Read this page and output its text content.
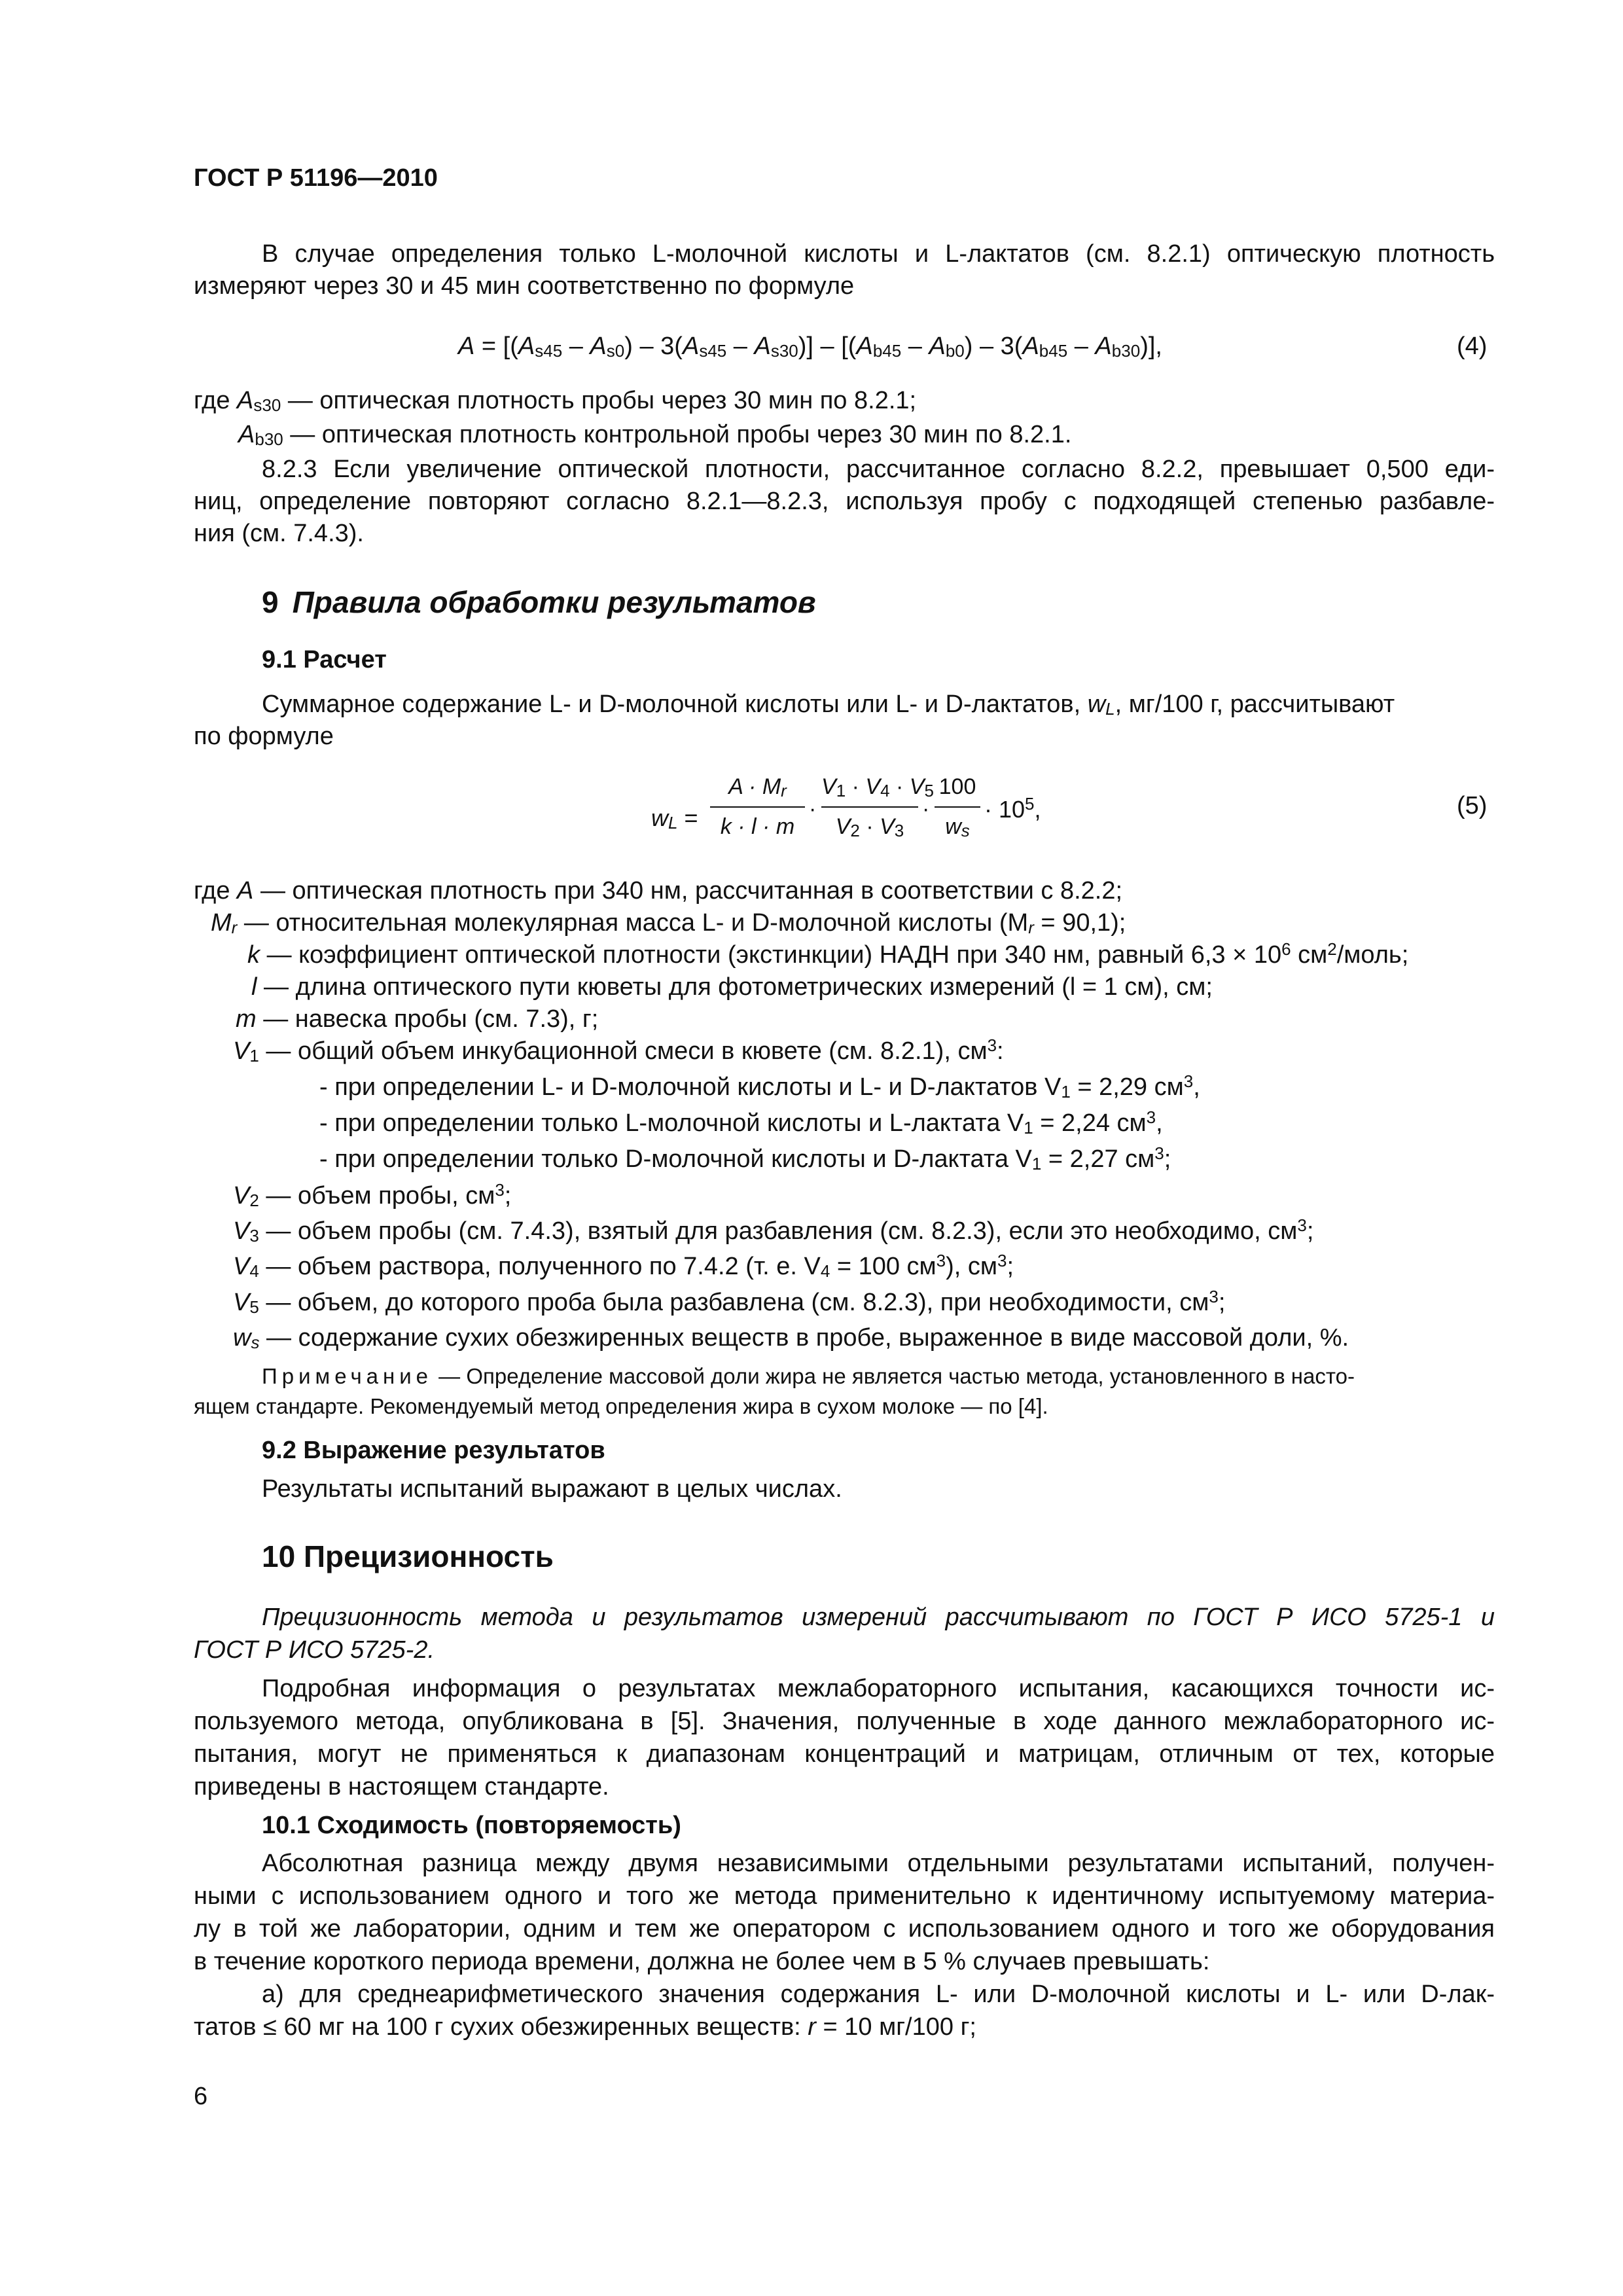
ГОСТ Р 51196—2010
В случае определения только L-молочной кислоты и L-лактатов (см. 8.2.1) оптическую плотность
измеряют через 30 и 45 мин соответственно по формуле
$A = [(A_{s45} - A_{s0}) - 3(A_{s45} - A_{s30})] - [(A_{b45} - A_{b0}) - 3(A_{b45} - A_{b30})]$,	(4)
где $A_{s30}$ — оптическая плотность пробы через 30 мин по 8.2.1;
$A_{b30}$ — оптическая плотность контрольной пробы через 30 мин по 8.2.1.
8.2.3 Если увеличение оптической плотности, рассчитанное согласно 8.2.2, превышает 0,500 еди-
ниц, определение повторяют согласно 8.2.1—8.2.3, используя пробу с подходящей степенью разбавле-
ния (см. 7.4.3).
9 Правила обработки результатов
9.1 Расчет
Суммарное содержание L- и D-молочной кислоты или L- и D-лактатов, $w_L$, мг/100 г, рассчитывают
по формуле
$w_L$ =
$A \cdot M_r$
k · l · m
·
$V_1 \cdot V_4 \cdot V_5$
$V_2 \cdot V_3$
·
100
$w_s$
· $10^5$,	(5)
где A — оптическая плотность при 340 нм, рассчитанная в соответствии с 8.2.2;
$M_r$ — относительная молекулярная масса L- и D-молочной кислоты $(M_r = 90,1)$;
k — коэффициент оптической плотности (экстинкции) НАДН при 340 нм, равный $6,3 \times 10^6$ $см^2$/моль;
l — длина оптического пути кюветы для фотометрических измерений (l = 1 см), см;
m — навеска пробы (см. 7.3), г;
$V_1$ — общий объем инкубационной смеси в кювете (см. 8.2.1), $см^3$:
- при определении L- и D-молочной кислоты и L- и D-лактатов $V_1 = 2,29$ $см^3$,
- при определении только L-молочной кислоты и L-лактата $V_1 = 2,24$ $см^3$,
- при определении только D-молочной кислоты и D-лактата $V_1 = 2,27$ $см^3$;
$V_2$ — объем пробы, $см^3$;
$V_3$ — объем пробы (см. 7.4.3), взятый для разбавления (см. 8.2.3), если это необходимо, $см^3$;
$V_4$ — объем раствора, полученного по 7.4.2 (т. е. $V_4 = 100$ $см^3$), $см^3$;
$V_5$ — объем, до которого проба была разбавлена (см. 8.2.3), при необходимости, $см^3$;
$w_s$ — содержание сухих обезжиренных веществ в пробе, выраженное в виде массовой доли, %.
Примечание — Определение массовой доли жира не является частью метода, установленного в насто-
ящем стандарте. Рекомендуемый метод определения жира в сухом молоке — по [4].
9.2 Выражение результатов
Результаты испытаний выражают в целых числах.
10 Прецизионность
Прецизионность метода и результатов измерений рассчитывают по ГОСТ Р ИСО 5725-1 и
ГОСТ Р ИСО 5725-2.
Подробная информация о результатах межлабораторного испытания, касающихся точности ис-
пользуемого метода, опубликована в [5]. Значения, полученные в ходе данного межлабораторного ис-
пытания, могут не применяться к диапазонам концентраций и матрицам, отличным от тех, которые
приведены в настоящем стандарте.
10.1 Сходимость (повторяемость)
Абсолютная разница между двумя независимыми отдельными результатами испытаний, получен-
ными с использованием одного и того же метода применительно к идентичному испытуемому материа-
лу в той же лаборатории, одним и тем же оператором с использованием одного и того же оборудования
в течение короткого периода времени, должна не более чем в 5 % случаев превышать:
а) для среднеарифметического значения содержания L- или D-молочной кислоты и L- или D-лак-
татов ≤ 60 мг на 100 г сухих обезжиренных веществ: r = 10 мг/100 г;
6
